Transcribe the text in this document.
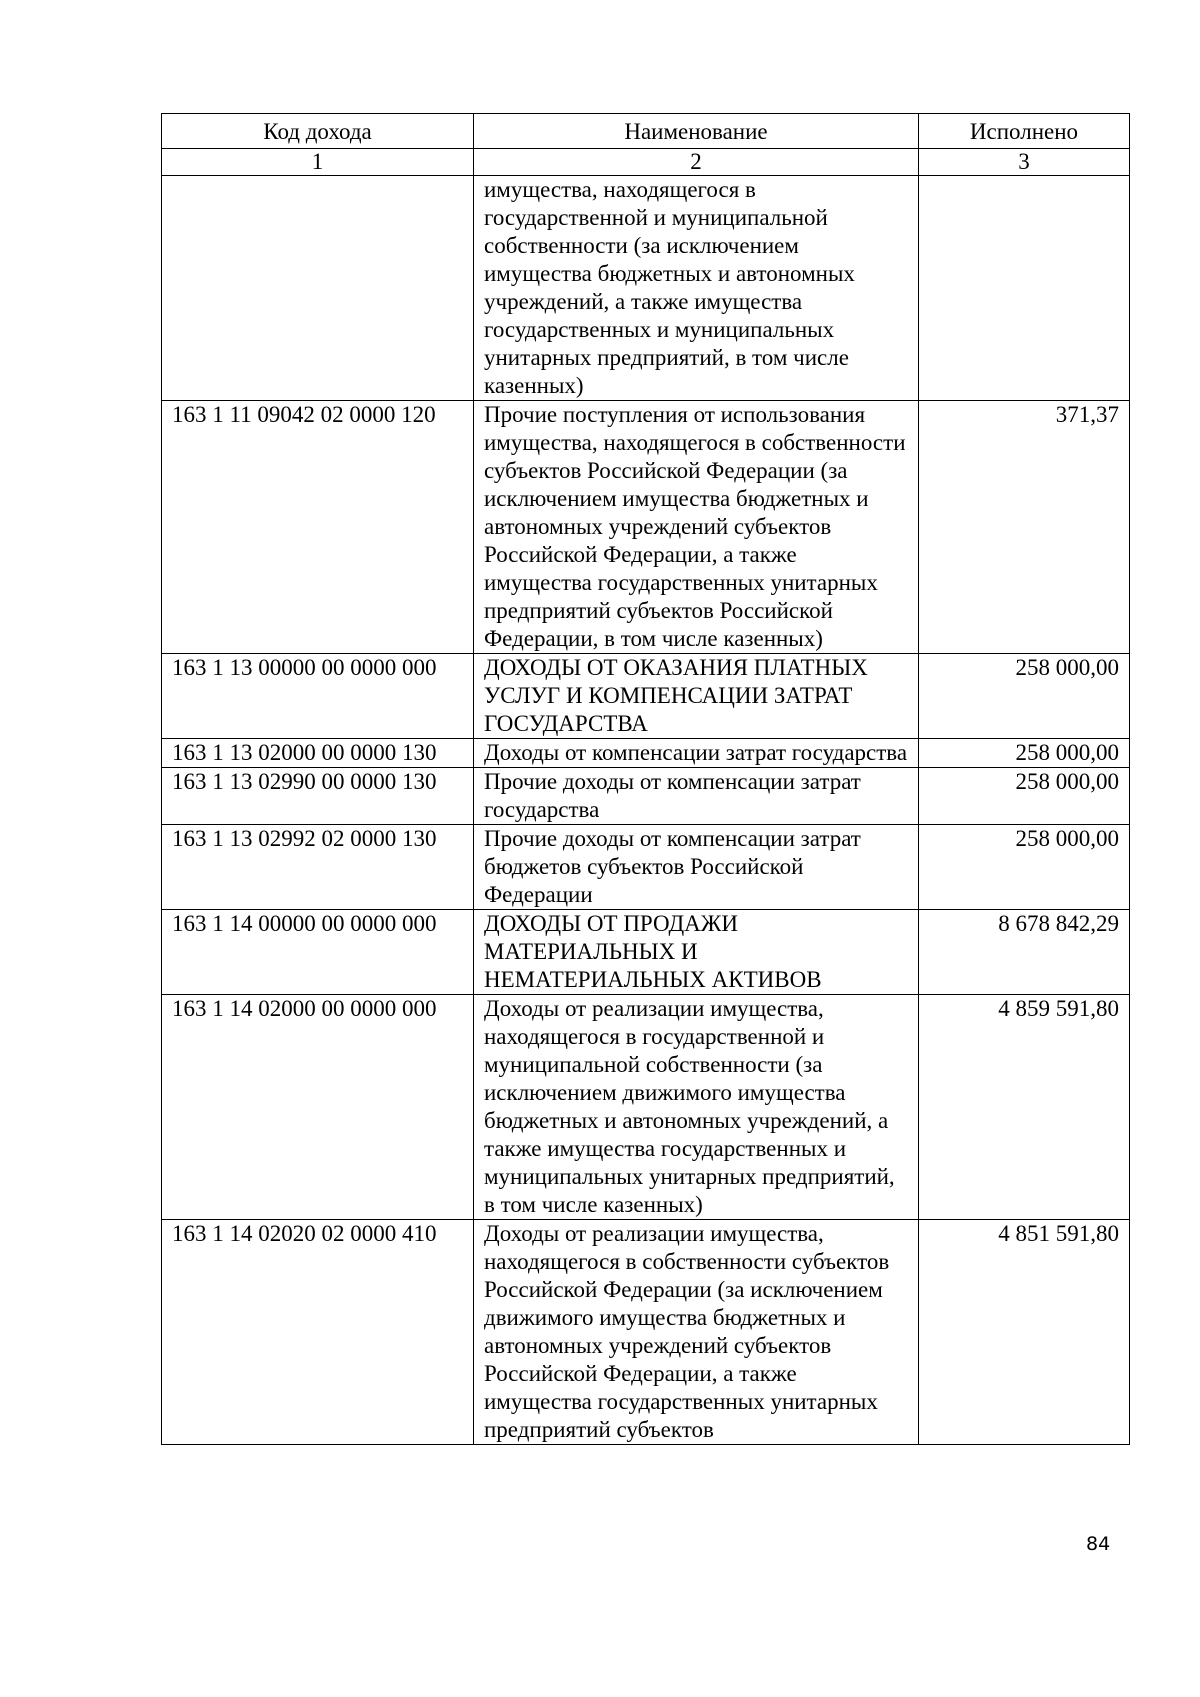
Код дохода	Наименование	Исполнено
1	2	3
	имущества, находящегося в государственной и муниципальной собственности (за исключением имущества бюджетных и автономных учреждений, а также имущества государственных и муниципальных унитарных предприятий, в том числе казенных)	
163 1 11 09042 02 0000 120	Прочие поступления от использования имущества, находящегося в собственности субъектов Российской Федерации (за исключением имущества бюджетных и автономных учреждений субъектов Российской Федерации, а также имущества государственных унитарных предприятий субъектов Российской Федерации, в том числе казенных)	371,37
163 1 13 00000 00 0000 000	ДОХОДЫ ОТ ОКАЗАНИЯ ПЛАТНЫХ УСЛУГ И КОМПЕНСАЦИИ ЗАТРАТ ГОСУДАРСТВА	258 000,00
163 1 13 02000 00 0000 130	Доходы от компенсации затрат государства	258 000,00
163 1 13 02990 00 0000 130	Прочие доходы от компенсации затрат государства	258 000,00
163 1 13 02992 02 0000 130	Прочие доходы от компенсации затрат бюджетов субъектов Российской Федерации	258 000,00
163 1 14 00000 00 0000 000	ДОХОДЫ ОТ ПРОДАЖИ МАТЕРИАЛЬНЫХ И НЕМАТЕРИАЛЬНЫХ АКТИВОВ	8 678 842,29
163 1 14 02000 00 0000 000	Доходы от реализации имущества, находящегося в государственной и муниципальной собственности (за исключением движимого имущества бюджетных и автономных учреждений, а также имущества государственных и муниципальных унитарных предприятий, в том числе казенных)	4 859 591,80
163 1 14 02020 02 0000 410	Доходы от реализации имущества, находящегося в собственности субъектов Российской Федерации (за исключением движимого имущества бюджетных и автономных учреждений субъектов Российской Федерации, а также имущества государственных унитарных предприятий субъектов	4 851 591,80
84
